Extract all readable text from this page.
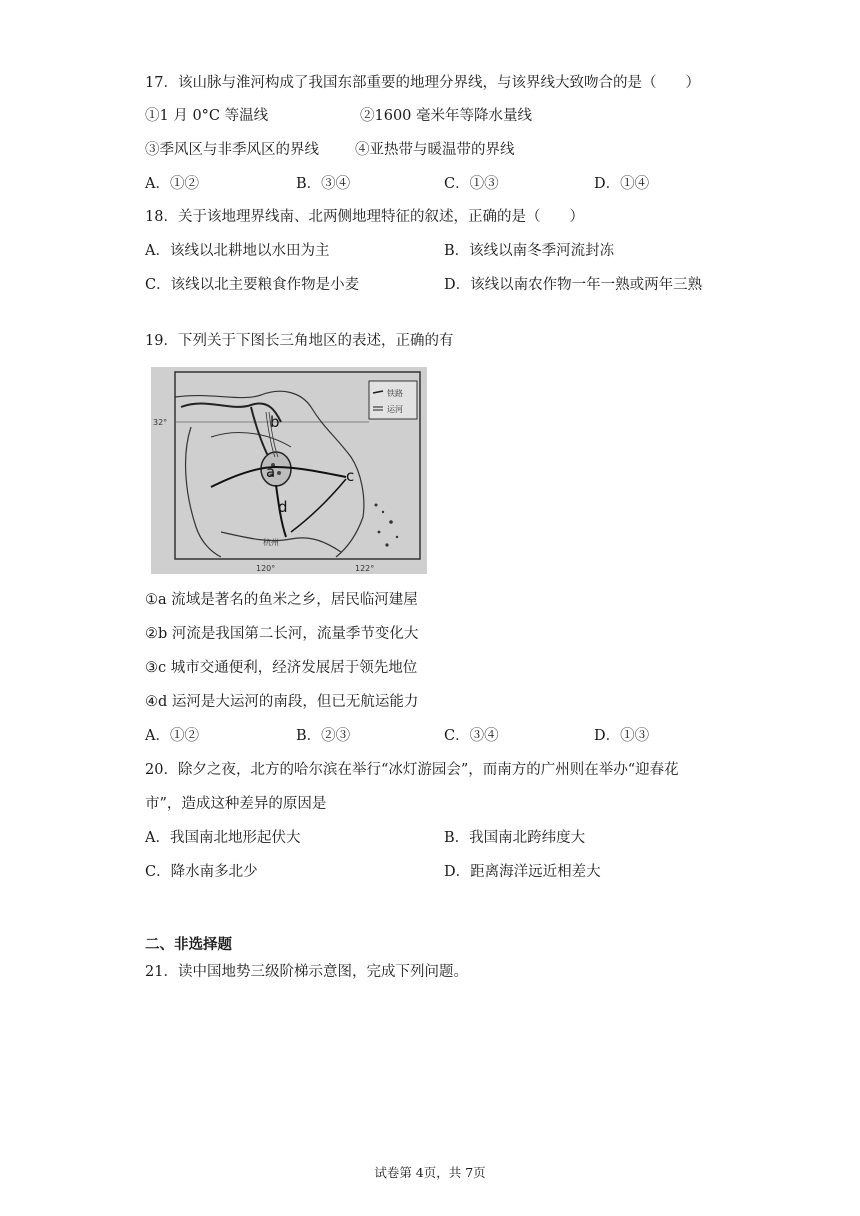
17．该山脉与淮河构成了我国东部重要的地理分界线，与该界线大致吻合的是（　　）
①1 月 0°C 等温线	②1600 毫米年等降水量线
③季风区与非季风区的界线 ④亚热带与暖温带的界线
A．①②	B．③④	C．①③	D．①④
18．关于该地理界线南、北两侧地理特征的叙述，正确的是（　　）
A．该线以北耕地以水田为主	B．该线以南冬季河流封冻
C．该线以北主要粮食作物是小麦	D．该线以南农作物一年一熟或两年三熟
19．下列关于下图长三角地区的表述，正确的有
铁路
运河
32°
120°	122°
b
a	c
d
杭州
①a 流域是著名的鱼米之乡，居民临河建屋
②b 河流是我国第二长河，流量季节变化大
③c 城市交通便利，经济发展居于领先地位
④d 运河是大运河的南段，但已无航运能力
A．①②	B．②③	C．③④	D．①③
20．除夕之夜，北方的哈尔滨在举行“冰灯游园会”，而南方的广州则在举办“迎春花
市”，造成这种差异的原因是
A．我国南北地形起伏大	B．我国南北跨纬度大
C．降水南多北少	D．距离海洋远近相差大
二、非选择题
21．读中国地势三级阶梯示意图，完成下列问题。
试卷第 4页，共 7页
